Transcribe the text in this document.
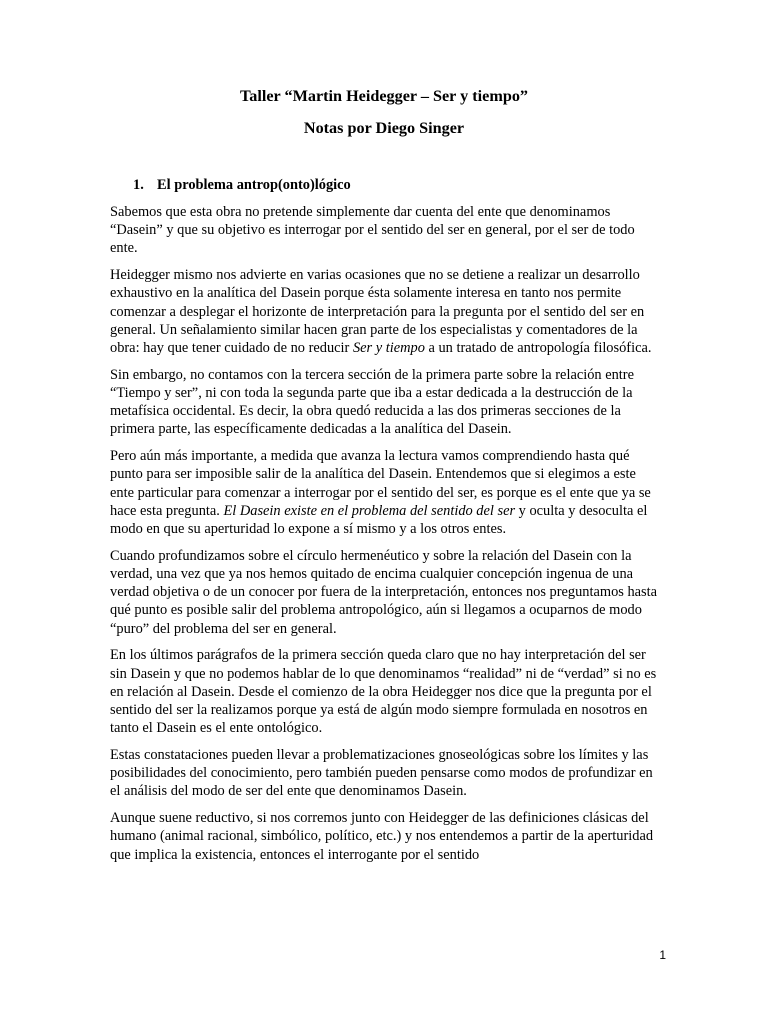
Taller “Martin Heidegger – Ser y tiempo”
Notas por Diego Singer
1. El problema antrop(onto)lógico

Sabemos que esta obra no pretende simplemente dar cuenta del ente que denominamos “Dasein” y que su objetivo es interrogar por el sentido del ser en general, por el ser de todo ente.

Heidegger mismo nos advierte en varias ocasiones que no se detiene a realizar un desarrollo exhaustivo en la analítica del Dasein porque ésta solamente interesa en tanto nos permite comenzar a desplegar el horizonte de interpretación para la pregunta por el sentido del ser en general. Un señalamiento similar hacen gran parte de los especialistas y comentadores de la obra: hay que tener cuidado de no reducir Ser y tiempo a un tratado de antropología filosófica.

Sin embargo, no contamos con la tercera sección de la primera parte sobre la relación entre “Tiempo y ser”, ni con toda la segunda parte que iba a estar dedicada a la destrucción de la metafísica occidental. Es decir, la obra quedó reducida a las dos primeras secciones de la primera parte, las específicamente dedicadas a la analítica del Dasein.

Pero aún más importante, a medida que avanza la lectura vamos comprendiendo hasta qué punto para ser imposible salir de la analítica del Dasein. Entendemos que si elegimos a este ente particular para comenzar a interrogar por el sentido del ser, es porque es el ente que ya se hace esta pregunta. El Dasein existe en el problema del sentido del ser y oculta y desoculta el modo en que su aperturidad lo expone a sí mismo y a los otros entes.

Cuando profundizamos sobre el círculo hermenéutico y sobre la relación del Dasein con la verdad, una vez que ya nos hemos quitado de encima cualquier concepción ingenua de una verdad objetiva o de un conocer por fuera de la interpretación, entonces nos preguntamos hasta qué punto es posible salir del problema antropológico, aún si llegamos a ocuparnos de modo “puro” del problema del ser en general.

En los últimos parágrafos de la primera sección queda claro que no hay interpretación del ser sin Dasein y que no podemos hablar de lo que denominamos “realidad” ni de “verdad” si no es en relación al Dasein. Desde el comienzo de la obra Heidegger nos dice que la pregunta por el sentido del ser la realizamos porque ya está de algún modo siempre formulada en nosotros en tanto el Dasein es el ente ontológico.

Estas constataciones pueden llevar a problematizaciones gnoseológicas sobre los límites y las posibilidades del conocimiento, pero también pueden pensarse como modos de profundizar en el análisis del modo de ser del ente que denominamos Dasein.

Aunque suene reductivo, si nos corremos junto con Heidegger de las definiciones clásicas del humano (animal racional, simbólico, político, etc.) y nos entendemos a partir de la aperturidad que implica la existencia, entonces el interrogante por el sentido

1
